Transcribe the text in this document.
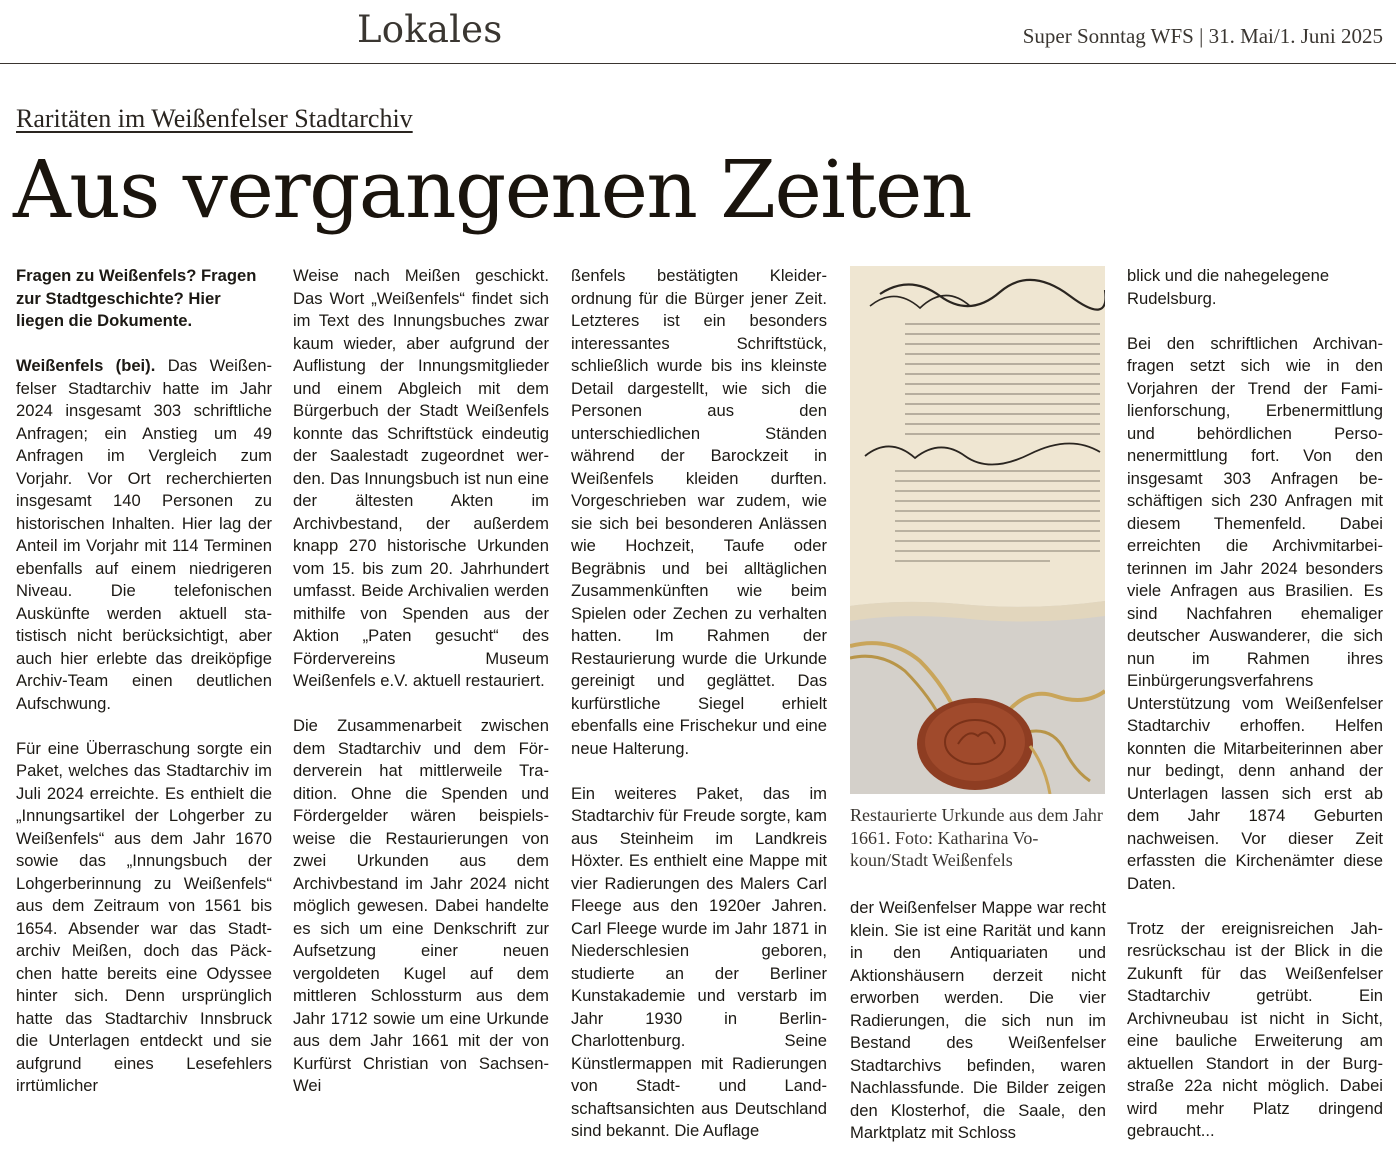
Lokales	Super Sonntag WFS | 31. Mai/1. Juni 2025
Raritäten im Weißenfelser Stadtarchiv
Aus vergangenen Zeiten

Fragen zu Weißenfels? Fragen zur Stadtgeschichte? Hier liegen die Dokumente.

Weißenfels (bei). Das Weißenfelser Stadtarchiv hatte im Jahr 2024 insgesamt 303 schriftliche Anfragen; ein Anstieg um 49 Anfragen im Vergleich zum Vorjahr. Vor Ort recherchierten insgesamt 140 Personen zu historischen Inhalten. Hier lag der Anteil im Vorjahr mit 114 Terminen ebenfalls auf einem niedrigeren Niveau. Die telefonischen Auskünfte werden aktuell statistisch nicht berücksichtigt, aber auch hier erlebte das dreiköpfige Archiv-Team einen deutlichen Aufschwung.

Für eine Überraschung sorgte ein Paket, welches das Stadtarchiv im Juli 2024 erreichte. Es enthielt die „Innungsartikel der Lohgerber zu Weißenfels“ aus dem Jahr 1670 sowie das „Innungsbuch der Lohgerberinnung zu Weißenfels“ aus dem Zeitraum von 1561 bis 1654. Absender war das Stadtarchiv Meißen, doch das Päckchen hatte bereits eine Odyssee hinter sich. Denn ursprünglich hatte das Stadtarchiv Innsbruck die Unterlagen entdeckt und sie aufgrund eines Lesefehlers irrtümlicher

Weise nach Meißen geschickt. Das Wort „Weißenfels“ findet sich im Text des Innungsbuches zwar kaum wieder, aber aufgrund der Auflistung der Innungsmitglieder und einem Abgleich mit dem Bürgerbuch der Stadt Weißenfels konnte das Schriftstück eindeutig der Saalestadt zugeordnet werden. Das Innungsbuch ist nun eine der ältesten Akten im Archivbestand, der außerdem knapp 270 historische Urkunden vom 15. bis zum 20. Jahrhundert umfasst. Beide Archivalien werden mithilfe von Spenden aus der Aktion „Paten gesucht“ des Fördervereins Museum Weißenfels e.V. aktuell restauriert.

Die Zusammenarbeit zwischen dem Stadtarchiv und dem Förderverein hat mittlerweile Tradition. Ohne die Spenden und Fördergelder wären beispielsweise die Restaurierungen von zwei Urkunden aus dem Archivbestand im Jahr 2024 nicht möglich gewesen. Dabei handelte es sich um eine Denkschrift zur Aufsetzung einer neuen vergoldeten Kugel auf dem mittleren Schlossturm aus dem Jahr 1712 sowie um eine Urkunde aus dem Jahr 1661 mit der von Kurfürst Christian von Sachsen-Wei

ßenfels bestätigten Kleiderordnung für die Bürger jener Zeit. Letzteres ist ein besonders interessantes Schriftstück, schließlich wurde bis ins kleinste Detail dargestellt, wie sich die Personen aus den unterschiedlichen Ständen während der Barockzeit in Weißenfels kleiden durften. Vorgeschrieben war zudem, wie sie sich bei besonderen Anlässen wie Hochzeit, Taufe oder Begräbnis und bei alltäglichen Zusammenkünften wie beim Spielen oder Zechen zu verhalten hatten. Im Rahmen der Restaurierung wurde die Urkunde gereinigt und geglättet. Das kurfürstliche Siegel erhielt ebenfalls eine Frischekur und eine neue Halterung.

Ein weiteres Paket, das im Stadtarchiv für Freude sorgte, kam aus Steinheim im Landkreis Höxter. Es enthielt eine Mappe mit vier Radierungen des Malers Carl Fleege aus den 1920er Jahren. Carl Fleege wurde im Jahr 1871 in Niederschlesien geboren, studierte an der Berliner Kunstakademie und verstarb im Jahr 1930 in Berlin-Charlottenburg. Seine Künstlermappen mit Radierungen von Stadt- und Landschaftsansichten aus Deutschland sind bekannt. Die Auflage

Restaurierte Urkunde aus dem Jahr 1661. Foto: Katharina Vokoun/Stadt Weißenfels

der Weißenfelser Mappe war recht klein. Sie ist eine Rarität und kann in den Antiquariaten und Aktionshäusern derzeit nicht erworben werden. Die vier Radierungen, die sich nun im Bestand des Weißenfelser Stadtarchivs befinden, waren Nachlassfunde. Die Bilder zeigen den Klosterhof, die Saale, den Marktplatz mit Schloss

blick und die nahegelegene Rudelsburg.

Bei den schriftlichen Archivanfragen setzt sich wie in den Vorjahren der Trend der Familienforschung, Erbenermittlung und behördlichen Personenermittlung fort. Von den insgesamt 303 Anfragen beschäftigen sich 230 Anfragen mit diesem Themenfeld. Dabei erreichten die Archivmitarbeiterinnen im Jahr 2024 besonders viele Anfragen aus Brasilien. Es sind Nachfahren ehemaliger deutscher Auswanderer, die sich nun im Rahmen ihres Einbürgerungsverfahrens Unterstützung vom Weißenfelser Stadtarchiv erhoffen. Helfen konnten die Mitarbeiterinnen aber nur bedingt, denn anhand der Unterlagen lassen sich erst ab dem Jahr 1874 Geburten nachweisen. Vor dieser Zeit erfassten die Kirchenämter diese Daten.

Trotz der ereignisreichen Jahresrückschau ist der Blick in die Zukunft für das Weißenfelser Stadtarchiv getrübt. Ein Archivneubau ist nicht in Sicht, eine bauliche Erweiterung am aktuellen Standort in der Burgstraße 22a nicht möglich. Dabei wird mehr Platz dringend gebraucht...
